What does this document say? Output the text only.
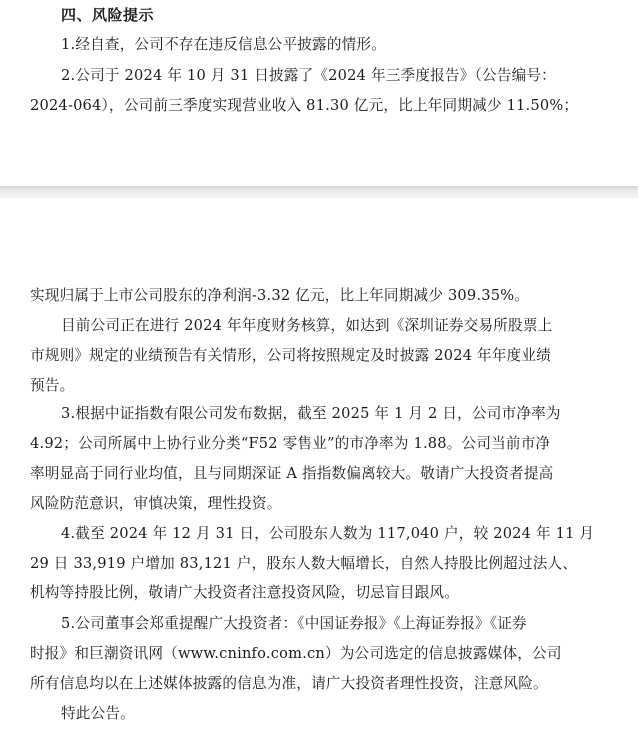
四、风险提示
1.经自查，公司不存在违反信息公平披露的情形。
2.公司于 2024 年 10 月 31 日披露了《2024 年三季度报告》（公告编号：
2024-064），公司前三季度实现营业收入 81.30 亿元，比上年同期减少 11.50%；
实现归属于上市公司股东的净利润-3.32 亿元，比上年同期减少 309.35%。
目前公司正在进行 2024 年年度财务核算，如达到《深圳证券交易所股票上
市规则》规定的业绩预告有关情形，公司将按照规定及时披露 2024 年年度业绩
预告。
3.根据中证指数有限公司发布数据，截至 2025 年 1 月 2 日，公司市净率为
4.92；公司所属中上协行业分类“F52 零售业”的市净率为 1.88。公司当前市净
率明显高于同行业均值，且与同期深证 A 指指数偏离较大。敬请广大投资者提高
风险防范意识，审慎决策，理性投资。
4.截至 2024 年 12 月 31 日，公司股东人数为 117,040 户，较 2024 年 11 月
29 日 33,919 户增加 83,121 户，股东人数大幅增长，自然人持股比例超过法人、
机构等持股比例，敬请广大投资者注意投资风险，切忌盲目跟风。
5.公司董事会郑重提醒广大投资者：《中国证券报》《上海证券报》《证券
时报》和巨潮资讯网（www.cninfo.com.cn）为公司选定的信息披露媒体，公司
所有信息均以在上述媒体披露的信息为准，请广大投资者理性投资，注意风险。
特此公告。
